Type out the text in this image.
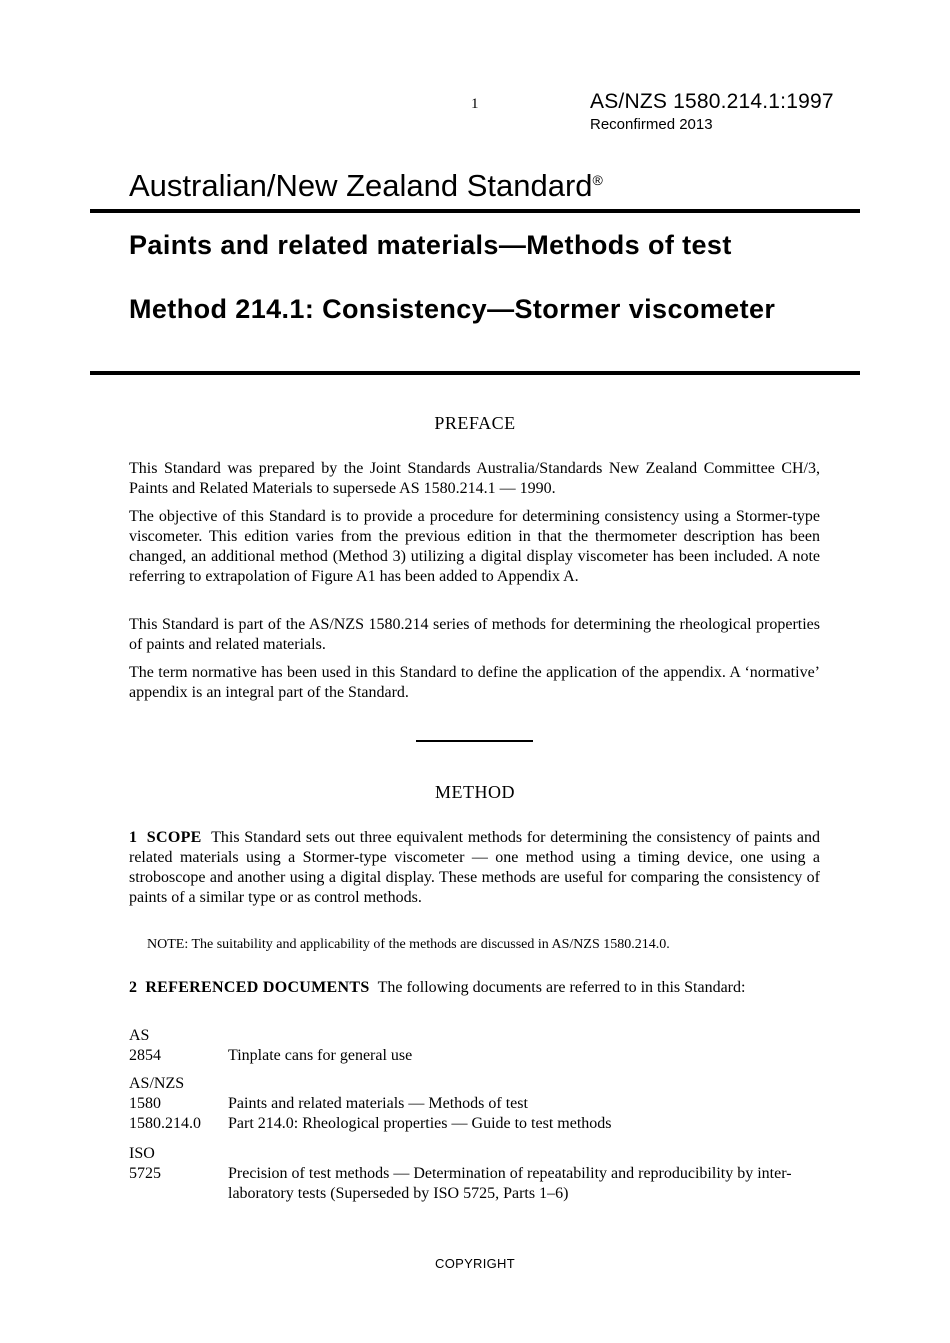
1	AS/NZS 1580.214.1:1997
Reconfirmed 2013
Australian/New Zealand Standard®
Paints and related materials—Methods of test
Method 214.1: Consistency—Stormer viscometer
PREFACE

This Standard was prepared by the Joint Standards Australia/Standards New Zealand Committee CH/3, Paints and Related Materials to supersede AS 1580.214.1 — 1990.

The objective of this Standard is to provide a procedure for determining consistency using a Stormer-type viscometer. This edition varies from the previous edition in that the thermometer description has been changed, an additional method (Method 3) utilizing a digital display viscometer has been included. A note referring to extrapolation of Figure A1 has been added to Appendix A.

This Standard is part of the AS/NZS 1580.214 series of methods for determining the rheological properties of paints and related materials.

The term normative has been used in this Standard to define the application of the appendix. A ‘normative’ appendix is an integral part of the Standard.

METHOD

1 SCOPE This Standard sets out three equivalent methods for determining the consistency of paints and related materials using a Stormer-type viscometer — one method using a timing device, one using a stroboscope and another using a digital display. These methods are useful for comparing the consistency of paints of a similar type or as control methods.

NOTE: The suitability and applicability of the methods are discussed in AS/NZS 1580.214.0.

2 REFERENCED DOCUMENTS The following documents are referred to in this Standard:

AS
2854	Tinplate cans for general use
AS/NZS
1580	Paints and related materials — Methods of test
1580.214.0	Part 214.0: Rheological properties — Guide to test methods
ISO
5725	Precision of test methods — Determination of repeatability and reproducibility by inter-laboratory tests (Superseded by ISO 5725, Parts 1–6)
COPYRIGHT
